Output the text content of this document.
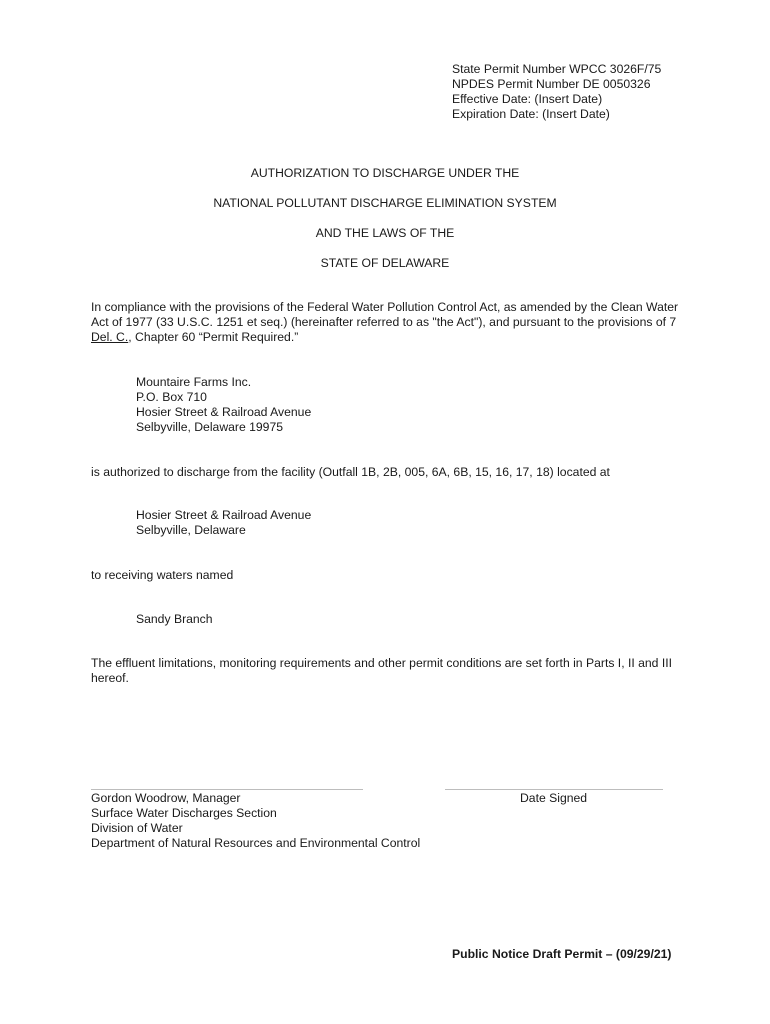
State Permit Number WPCC 3026F/75
NPDES Permit Number DE 0050326
Effective Date: (Insert Date)
Expiration Date: (Insert Date)
AUTHORIZATION TO DISCHARGE UNDER THE
NATIONAL POLLUTANT DISCHARGE ELIMINATION SYSTEM
AND THE LAWS OF THE
STATE OF DELAWARE
In compliance with the provisions of the Federal Water Pollution Control Act, as amended by the Clean Water Act of 1977 (33 U.S.C. 1251 et seq.) (hereinafter referred to as "the Act"), and pursuant to the provisions of 7 Del. C., Chapter 60 “Permit Required.”
Mountaire Farms Inc.
P.O. Box 710
Hosier Street & Railroad Avenue
Selbyville, Delaware 19975
is authorized to discharge from the facility (Outfall 1B, 2B, 005, 6A, 6B, 15, 16, 17, 18) located at
Hosier Street & Railroad Avenue
Selbyville, Delaware
to receiving waters named
Sandy Branch
The effluent limitations, monitoring requirements and other permit conditions are set forth in Parts I, II and III hereof.
Gordon Woodrow, Manager
Surface Water Discharges Section
Division of Water
Department of Natural Resources and Environmental Control
Date Signed
Public Notice Draft Permit – (09/29/21)
